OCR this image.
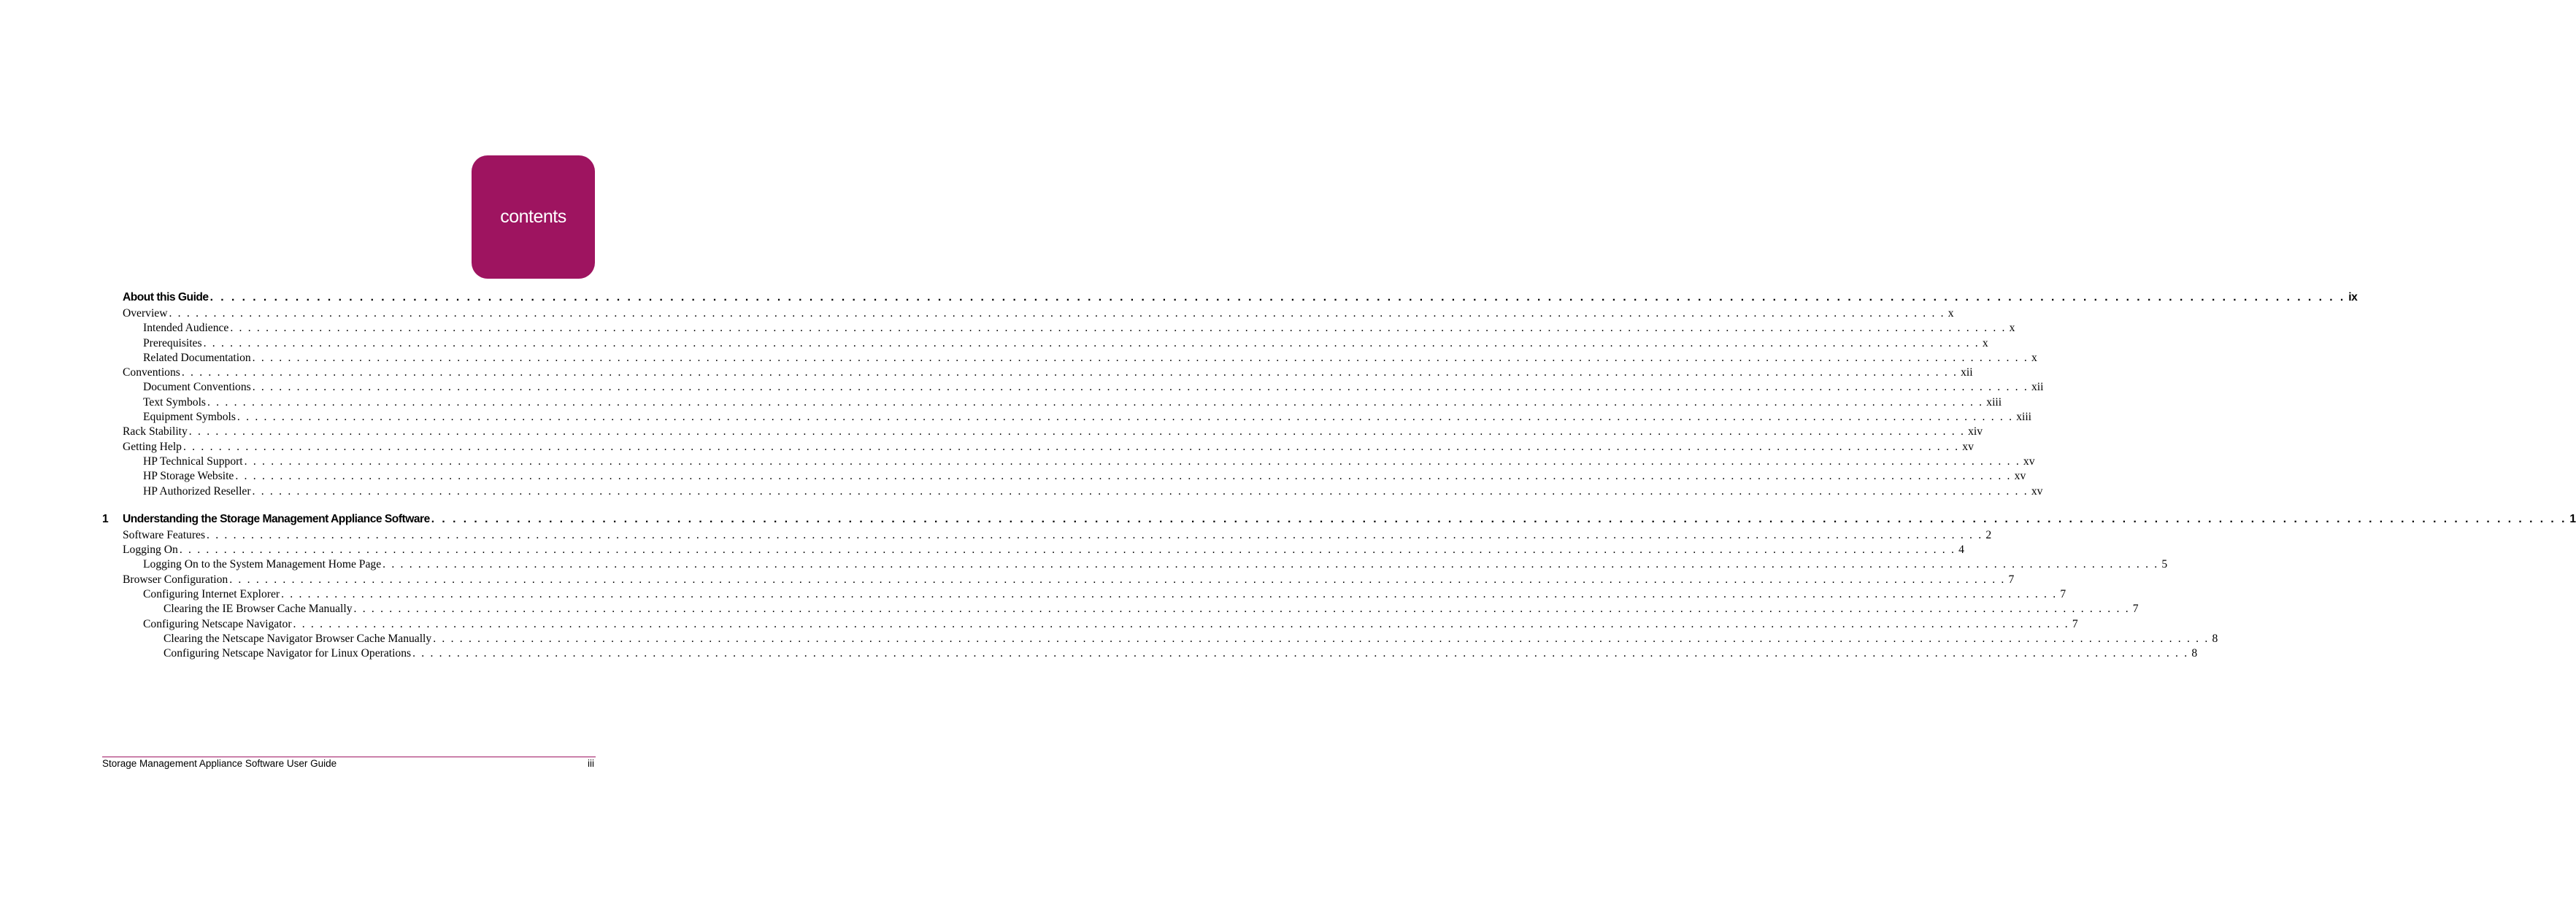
contents
About this Guide . . . . . . . . . . . . . . . . . . . . . . . . . . . . . . . . . . . . . . . . . . . . . . . . . . . . . . . . . . . . . . . . . . . . . . . . . . . . . . . . . . . . . . . . . . . . . . . . . . . . . . . . . . . . . . . . . . . . . . . . . . . . . . . . . . . . . . . . . . . . . . . . . . . . . . . . . . . . . . . . . . . . . . . . . . . . . . . . . . . . . . . . . . . . . . . . . . . . . . . . ix
Overview . . . . . . . . . . . . . . . . . . . . . . . . . . . . . . . . . . . . . . . . . . . . . . . . . . . . . . . . . . . . . . . . . . . . . . . . . . . . . . . . . . . . . . . . . . . . . . . . . . . . . . . . . . . . . . . . . . . . . . . . . . . . . . . . . . . . . . . . . . . . . . . . . . . . . . . . . . . . . . . . . . . . . . . . . . . . . . . . . . . . . . . . . . . . . . . . . . . . . . . . x
Intended Audience . . . . . . . . . . . . . . . . . . . . . . . . . . . . . . . . . . . . . . . . . . . . . . . . . . . . . . . . . . . . . . . . . . . . . . . . . . . . . . . . . . . . . . . . . . . . . . . . . . . . . . . . . . . . . . . . . . . . . . . . . . . . . . . . . . . . . . . . . . . . . . . . . . . . . . . . . . . . . . . . . . . . . . . . . . . . . . . . . . . . . . . . . . . . . . . . . . . . . . . . x
Prerequisites . . . . . . . . . . . . . . . . . . . . . . . . . . . . . . . . . . . . . . . . . . . . . . . . . . . . . . . . . . . . . . . . . . . . . . . . . . . . . . . . . . . . . . . . . . . . . . . . . . . . . . . . . . . . . . . . . . . . . . . . . . . . . . . . . . . . . . . . . . . . . . . . . . . . . . . . . . . . . . . . . . . . . . . . . . . . . . . . . . . . . . . . . . . . . . . . . . . . . . . . x
Related Documentation . . . . . . . . . . . . . . . . . . . . . . . . . . . . . . . . . . . . . . . . . . . . . . . . . . . . . . . . . . . . . . . . . . . . . . . . . . . . . . . . . . . . . . . . . . . . . . . . . . . . . . . . . . . . . . . . . . . . . . . . . . . . . . . . . . . . . . . . . . . . . . . . . . . . . . . . . . . . . . . . . . . . . . . . . . . . . . . . . . . . . . . . . . . . . . . . . . . . . . . . x
Conventions . . . . . . . . . . . . . . . . . . . . . . . . . . . . . . . . . . . . . . . . . . . . . . . . . . . . . . . . . . . . . . . . . . . . . . . . . . . . . . . . . . . . . . . . . . . . . . . . . . . . . . . . . . . . . . . . . . . . . . . . . . . . . . . . . . . . . . . . . . . . . . . . . . . . . . . . . . . . . . . . . . . . . . . . . . . . . . . . . . . . . . . . . . . . . . . . . . . . . . . . xii
Document Conventions . . . . . . . . . . . . . . . . . . . . . . . . . . . . . . . . . . . . . . . . . . . . . . . . . . . . . . . . . . . . . . . . . . . . . . . . . . . . . . . . . . . . . . . . . . . . . . . . . . . . . . . . . . . . . . . . . . . . . . . . . . . . . . . . . . . . . . . . . . . . . . . . . . . . . . . . . . . . . . . . . . . . . . . . . . . . . . . . . . . . . . . . . . . . . . . . . . . . . . . . xii
Text Symbols . . . . . . . . . . . . . . . . . . . . . . . . . . . . . . . . . . . . . . . . . . . . . . . . . . . . . . . . . . . . . . . . . . . . . . . . . . . . . . . . . . . . . . . . . . . . . . . . . . . . . . . . . . . . . . . . . . . . . . . . . . . . . . . . . . . . . . . . . . . . . . . . . . . . . . . . . . . . . . . . . . . . . . . . . . . . . . . . . . . . . . . . . . . . . . . . . . . . . . . . xiii
Equipment Symbols . . . . . . . . . . . . . . . . . . . . . . . . . . . . . . . . . . . . . . . . . . . . . . . . . . . . . . . . . . . . . . . . . . . . . . . . . . . . . . . . . . . . . . . . . . . . . . . . . . . . . . . . . . . . . . . . . . . . . . . . . . . . . . . . . . . . . . . . . . . . . . . . . . . . . . . . . . . . . . . . . . . . . . . . . . . . . . . . . . . . . . . . . . . . . . . . . . . . . . . . xiii
Rack Stability . . . . . . . . . . . . . . . . . . . . . . . . . . . . . . . . . . . . . . . . . . . . . . . . . . . . . . . . . . . . . . . . . . . . . . . . . . . . . . . . . . . . . . . . . . . . . . . . . . . . . . . . . . . . . . . . . . . . . . . . . . . . . . . . . . . . . . . . . . . . . . . . . . . . . . . . . . . . . . . . . . . . . . . . . . . . . . . . . . . . . . . . . . . . . . . . . . . . . . . . xiv
Getting Help . . . . . . . . . . . . . . . . . . . . . . . . . . . . . . . . . . . . . . . . . . . . . . . . . . . . . . . . . . . . . . . . . . . . . . . . . . . . . . . . . . . . . . . . . . . . . . . . . . . . . . . . . . . . . . . . . . . . . . . . . . . . . . . . . . . . . . . . . . . . . . . . . . . . . . . . . . . . . . . . . . . . . . . . . . . . . . . . . . . . . . . . . . . . . . . . . . . . . . . . xv
HP Technical Support . . . . . . . . . . . . . . . . . . . . . . . . . . . . . . . . . . . . . . . . . . . . . . . . . . . . . . . . . . . . . . . . . . . . . . . . . . . . . . . . . . . . . . . . . . . . . . . . . . . . . . . . . . . . . . . . . . . . . . . . . . . . . . . . . . . . . . . . . . . . . . . . . . . . . . . . . . . . . . . . . . . . . . . . . . . . . . . . . . . . . . . . . . . . . . . . . . . . . . . . xv
HP Storage Website . . . . . . . . . . . . . . . . . . . . . . . . . . . . . . . . . . . . . . . . . . . . . . . . . . . . . . . . . . . . . . . . . . . . . . . . . . . . . . . . . . . . . . . . . . . . . . . . . . . . . . . . . . . . . . . . . . . . . . . . . . . . . . . . . . . . . . . . . . . . . . . . . . . . . . . . . . . . . . . . . . . . . . . . . . . . . . . . . . . . . . . . . . . . . . . . . . . . . . . . xv
HP Authorized Reseller . . . . . . . . . . . . . . . . . . . . . . . . . . . . . . . . . . . . . . . . . . . . . . . . . . . . . . . . . . . . . . . . . . . . . . . . . . . . . . . . . . . . . . . . . . . . . . . . . . . . . . . . . . . . . . . . . . . . . . . . . . . . . . . . . . . . . . . . . . . . . . . . . . . . . . . . . . . . . . . . . . . . . . . . . . . . . . . . . . . . . . . . . . . . . . . . . . . . . . . . xv
1 Understanding the Storage Management Appliance Software . . . . . . . . . . . . . . . . . . . . . . . . . . . . . . . . . . . . . . . . . . . . . . . . . . . . . . . . . . . . . . . . . . . . . . . . . . . . . . . . . . . . . . . . . . . . . . . . . . . . . . . . . . . . . . . . . . . . . . . . . . . . . . . . . . . . . . . . . . . . . . . . . . . . . . . . . . . . . . . . . . . . . . . . . . . . . . . . . . . . . . . . . . . . . . . . . . . . . . . . 1
Software Features . . . . . . . . . . . . . . . . . . . . . . . . . . . . . . . . . . . . . . . . . . . . . . . . . . . . . . . . . . . . . . . . . . . . . . . . . . . . . . . . . . . . . . . . . . . . . . . . . . . . . . . . . . . . . . . . . . . . . . . . . . . . . . . . . . . . . . . . . . . . . . . . . . . . . . . . . . . . . . . . . . . . . . . . . . . . . . . . . . . . . . . . . . . . . . . . . . . . . . . . 2
Logging On . . . . . . . . . . . . . . . . . . . . . . . . . . . . . . . . . . . . . . . . . . . . . . . . . . . . . . . . . . . . . . . . . . . . . . . . . . . . . . . . . . . . . . . . . . . . . . . . . . . . . . . . . . . . . . . . . . . . . . . . . . . . . . . . . . . . . . . . . . . . . . . . . . . . . . . . . . . . . . . . . . . . . . . . . . . . . . . . . . . . . . . . . . . . . . . . . . . . . . . . 4
Logging On to the System Management Home Page . . . . . . . . . . . . . . . . . . . . . . . . . . . . . . . . . . . . . . . . . . . . . . . . . . . . . . . . . . . . . . . . . . . . . . . . . . . . . . . . . . . . . . . . . . . . . . . . . . . . . . . . . . . . . . . . . . . . . . . . . . . . . . . . . . . . . . . . . . . . . . . . . . . . . . . . . . . . . . . . . . . . . . . . . . . . . . . . . . . . . . . . . . . . . . . . . . . . . . . . 5
Browser Configuration . . . . . . . . . . . . . . . . . . . . . . . . . . . . . . . . . . . . . . . . . . . . . . . . . . . . . . . . . . . . . . . . . . . . . . . . . . . . . . . . . . . . . . . . . . . . . . . . . . . . . . . . . . . . . . . . . . . . . . . . . . . . . . . . . . . . . . . . . . . . . . . . . . . . . . . . . . . . . . . . . . . . . . . . . . . . . . . . . . . . . . . . . . . . . . . . . . . . . . . . 7
Configuring Internet Explorer . . . . . . . . . . . . . . . . . . . . . . . . . . . . . . . . . . . . . . . . . . . . . . . . . . . . . . . . . . . . . . . . . . . . . . . . . . . . . . . . . . . . . . . . . . . . . . . . . . . . . . . . . . . . . . . . . . . . . . . . . . . . . . . . . . . . . . . . . . . . . . . . . . . . . . . . . . . . . . . . . . . . . . . . . . . . . . . . . . . . . . . . . . . . . . . . . . . . . . . . 7
Clearing the IE Browser Cache Manually . . . . . . . . . . . . . . . . . . . . . . . . . . . . . . . . . . . . . . . . . . . . . . . . . . . . . . . . . . . . . . . . . . . . . . . . . . . . . . . . . . . . . . . . . . . . . . . . . . . . . . . . . . . . . . . . . . . . . . . . . . . . . . . . . . . . . . . . . . . . . . . . . . . . . . . . . . . . . . . . . . . . . . . . . . . . . . . . . . . . . . . . . . . . . . . . . . . . . . . . 7
Configuring Netscape Navigator . . . . . . . . . . . . . . . . . . . . . . . . . . . . . . . . . . . . . . . . . . . . . . . . . . . . . . . . . . . . . . . . . . . . . . . . . . . . . . . . . . . . . . . . . . . . . . . . . . . . . . . . . . . . . . . . . . . . . . . . . . . . . . . . . . . . . . . . . . . . . . . . . . . . . . . . . . . . . . . . . . . . . . . . . . . . . . . . . . . . . . . . . . . . . . . . . . . . . . . . 7
Clearing the Netscape Navigator Browser Cache Manually . . . . . . . . . . . . . . . . . . . . . . . . . . . . . . . . . . . . . . . . . . . . . . . . . . . . . . . . . . . . . . . . . . . . . . . . . . . . . . . . . . . . . . . . . . . . . . . . . . . . . . . . . . . . . . . . . . . . . . . . . . . . . . . . . . . . . . . . . . . . . . . . . . . . . . . . . . . . . . . . . . . . . . . . . . . . . . . . . . . . . . . . . . . . . . . . . . . . . . . . 8
Configuring Netscape Navigator for Linux Operations . . . . . . . . . . . . . . . . . . . . . . . . . . . . . . . . . . . . . . . . . . . . . . . . . . . . . . . . . . . . . . . . . . . . . . . . . . . . . . . . . . . . . . . . . . . . . . . . . . . . . . . . . . . . . . . . . . . . . . . . . . . . . . . . . . . . . . . . . . . . . . . . . . . . . . . . . . . . . . . . . . . . . . . . . . . . . . . . . . . . . . . . . . . . . . . . . . . . . . . . 8
Storage Management Appliance Software User Guide	iii
